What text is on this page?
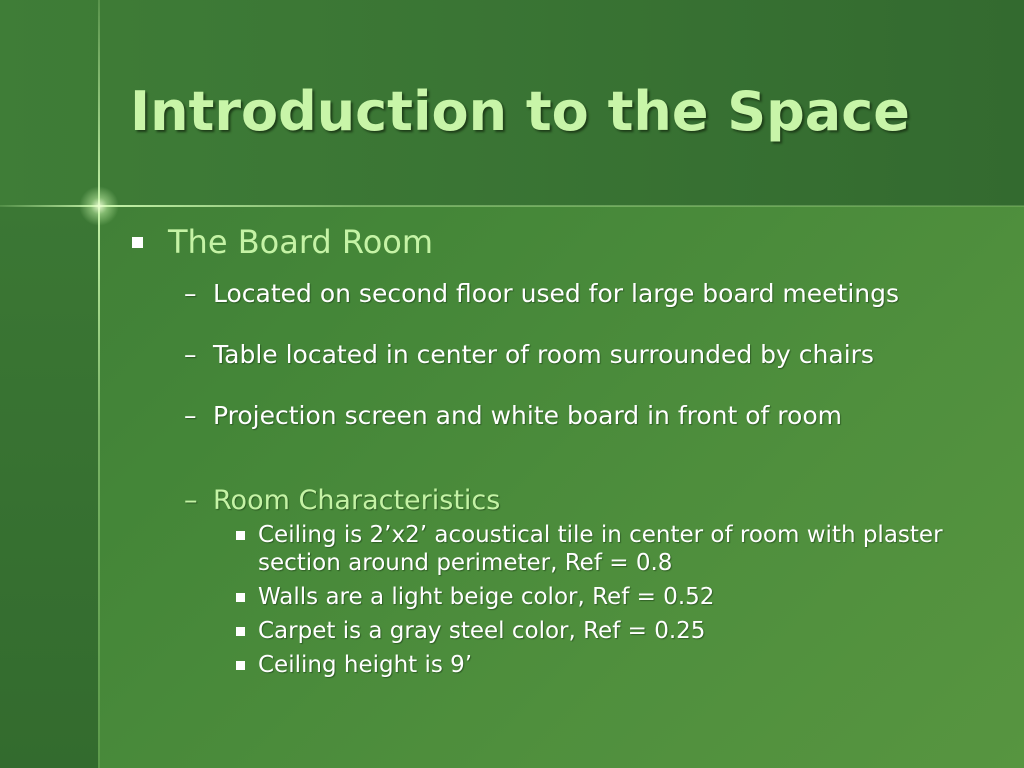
Introduction to the Space
The Board Room
– Located on second floor used for large board meetings
– Table located in center of room surrounded by chairs
– Projection screen and white board in front of room
– Room Characteristics
Ceiling is 2’x2’ acoustical tile in center of room with plaster section around perimeter, Ref = 0.8
Walls are a light beige color, Ref = 0.52
Carpet is a gray steel color, Ref = 0.25
Ceiling height is 9’
